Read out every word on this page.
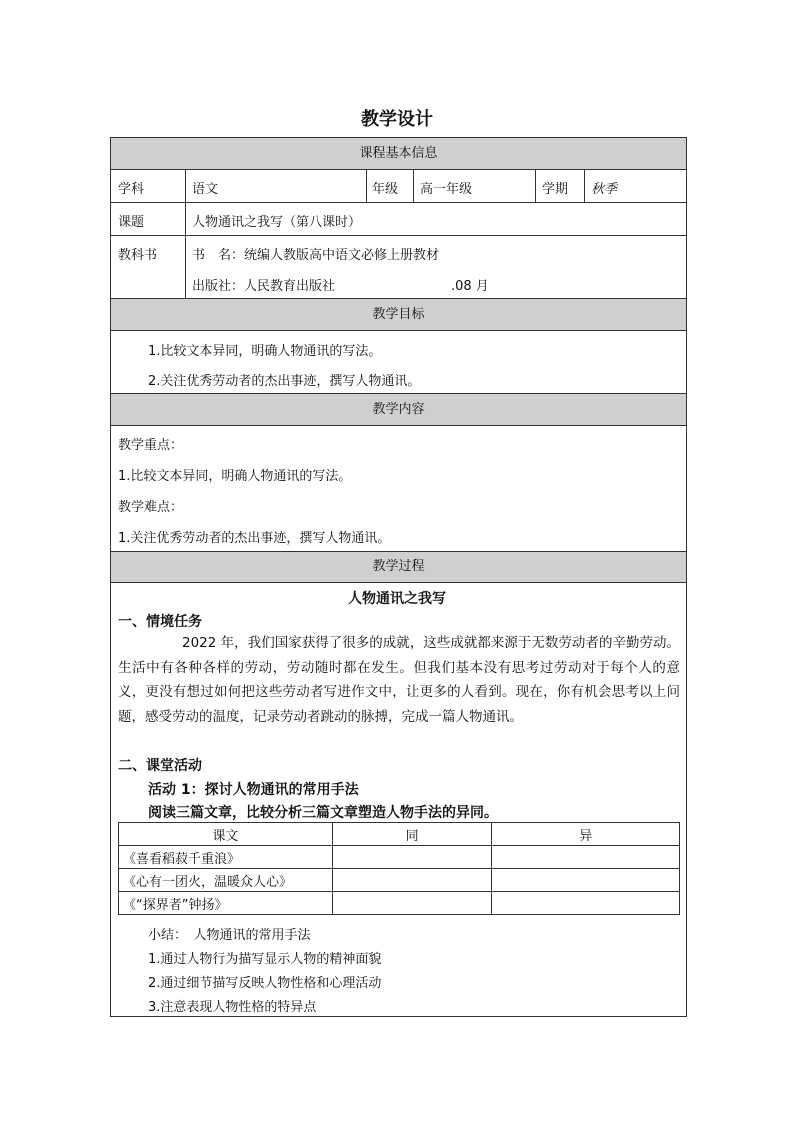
教学设计
课程基本信息
教学目标
教学内容
教学过程
学科	语文	年级 高一年级	学期 秋季
课题	人物通讯之我写（第八课时）
教科书	书　名：统编人教版高中语文必修上册教材
出版社：人民教育出版社	.08 月
1.比较文本异同，明确人物通讯的写法。
2.关注优秀劳动者的杰出事迹，撰写人物通讯。
教学重点：
1.比较文本异同，明确人物通讯的写法。
教学难点：
1.关注优秀劳动者的杰出事迹，撰写人物通讯。
人物通讯之我写
一、情境任务
2022 年，我们国家获得了很多的成就，这些成就都来源于无数劳动者的辛勤劳动。生活中有各种各样的劳动，劳动随时都在发生。但我们基本没有思考过劳动对于每个人的意义，更没有想过如何把这些劳动者写进作文中，让更多的人看到。现在，你有机会思考以上问题，感受劳动的温度，记录劳动者跳动的脉搏，完成一篇人物通讯。
二、课堂活动
活动 1：探讨人物通讯的常用手法
阅读三篇文章，比较分析三篇文章塑造人物手法的异同。
课文	同	异
《喜看稻菽千重浪》		
《心有一团火，温暖众人心》		
《“探界者”钟扬》		
小结：　人物通讯的常用手法
1.通过人物行为描写显示人物的精神面貌
2.通过细节描写反映人物性格和心理活动
3.注意表现人物性格的特异点
